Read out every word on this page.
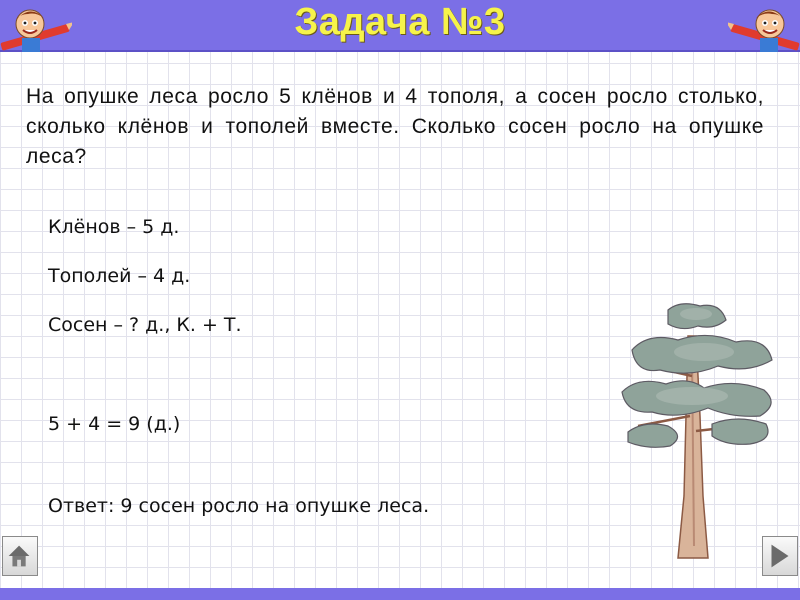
Задача №3
На опушке леса росло 5 клёнов и 4 тополя, а сосен росло столько, сколько клёнов и тополей вместе. Сколько сосен росло на опушке леса?
Клёнов – 5 д.
Тополей – 4 д.
Сосен – ? д., К. + Т.
5 + 4 = 9 (д.)
Ответ: 9 сосен росло на опушке леса.
